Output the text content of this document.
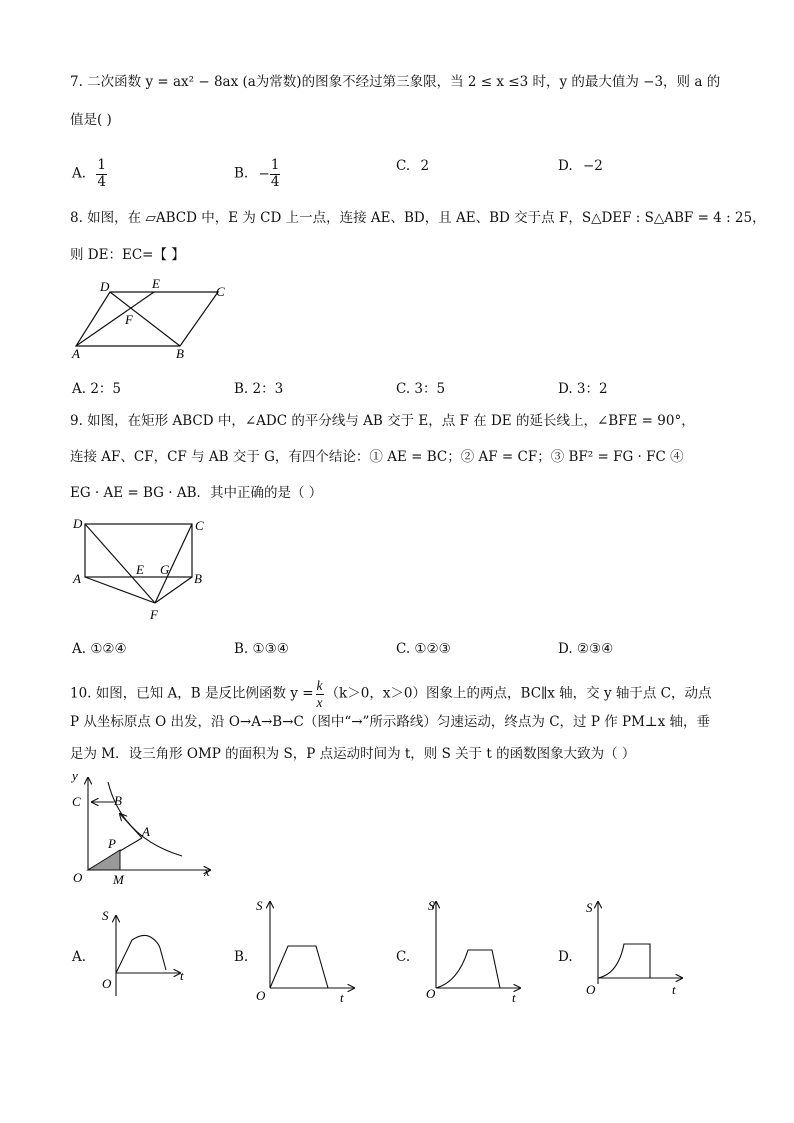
7. 二次函数 y = ax² − 8ax (a为常数)的图象不经过第三象限，当 2 ≤ x ≤3 时，y 的最大值为 −3，则 a 的
值是( )
A. $\frac{1}{4}$	B. − $\frac{1}{4}$	C. 2	D. −2
8. 如图，在 ▱ABCD 中，E 为 CD 上一点，连接 AE、BD，且 AE、BD 交于点 F，S△DEF : S△ABF = 4 : 25，
则 DE：EC=【 】
D	E
C
F
A	B
A. 2：5	B. 2：3	C. 3：5	D. 3：2
9. 如图，在矩形 ABCD 中，∠ADC 的平分线与 AB 交于 E，点 F 在 DE 的延长线上，∠BFE = 90°，
连接 AF、CF，CF 与 AB 交于 G，有四个结论：① AE = BC；② AF = CF；③ BF² = FG · FC ④
EG · AE = BG · AB．其中正确的是（ ）
D	C
E G
A	B
F
A. ①②④	B. ①③④	C. ①②③	D. ②③④
10. 如图，已知 A，B 是反比例函数 $y = \frac{k}{x} (k>0$，x＞0）图象上的两点，BC∥x 轴，交 y 轴于点 C，动点
P 从坐标原点 O 出发，沿 O→A→B→C（图中“→”所示路线）匀速运动，终点为 C，过 P 作 PM⊥x 轴，垂
足为 M．设三角形 OMP 的面积为 S，P 点运动时间为 t，则 S 关于 t 的函数图象大致为（ ）
y
C	B
P
A
O M
x
A.
S
O
t
B.
S
O	t
C.
S
O	t
D.
S
O	t
